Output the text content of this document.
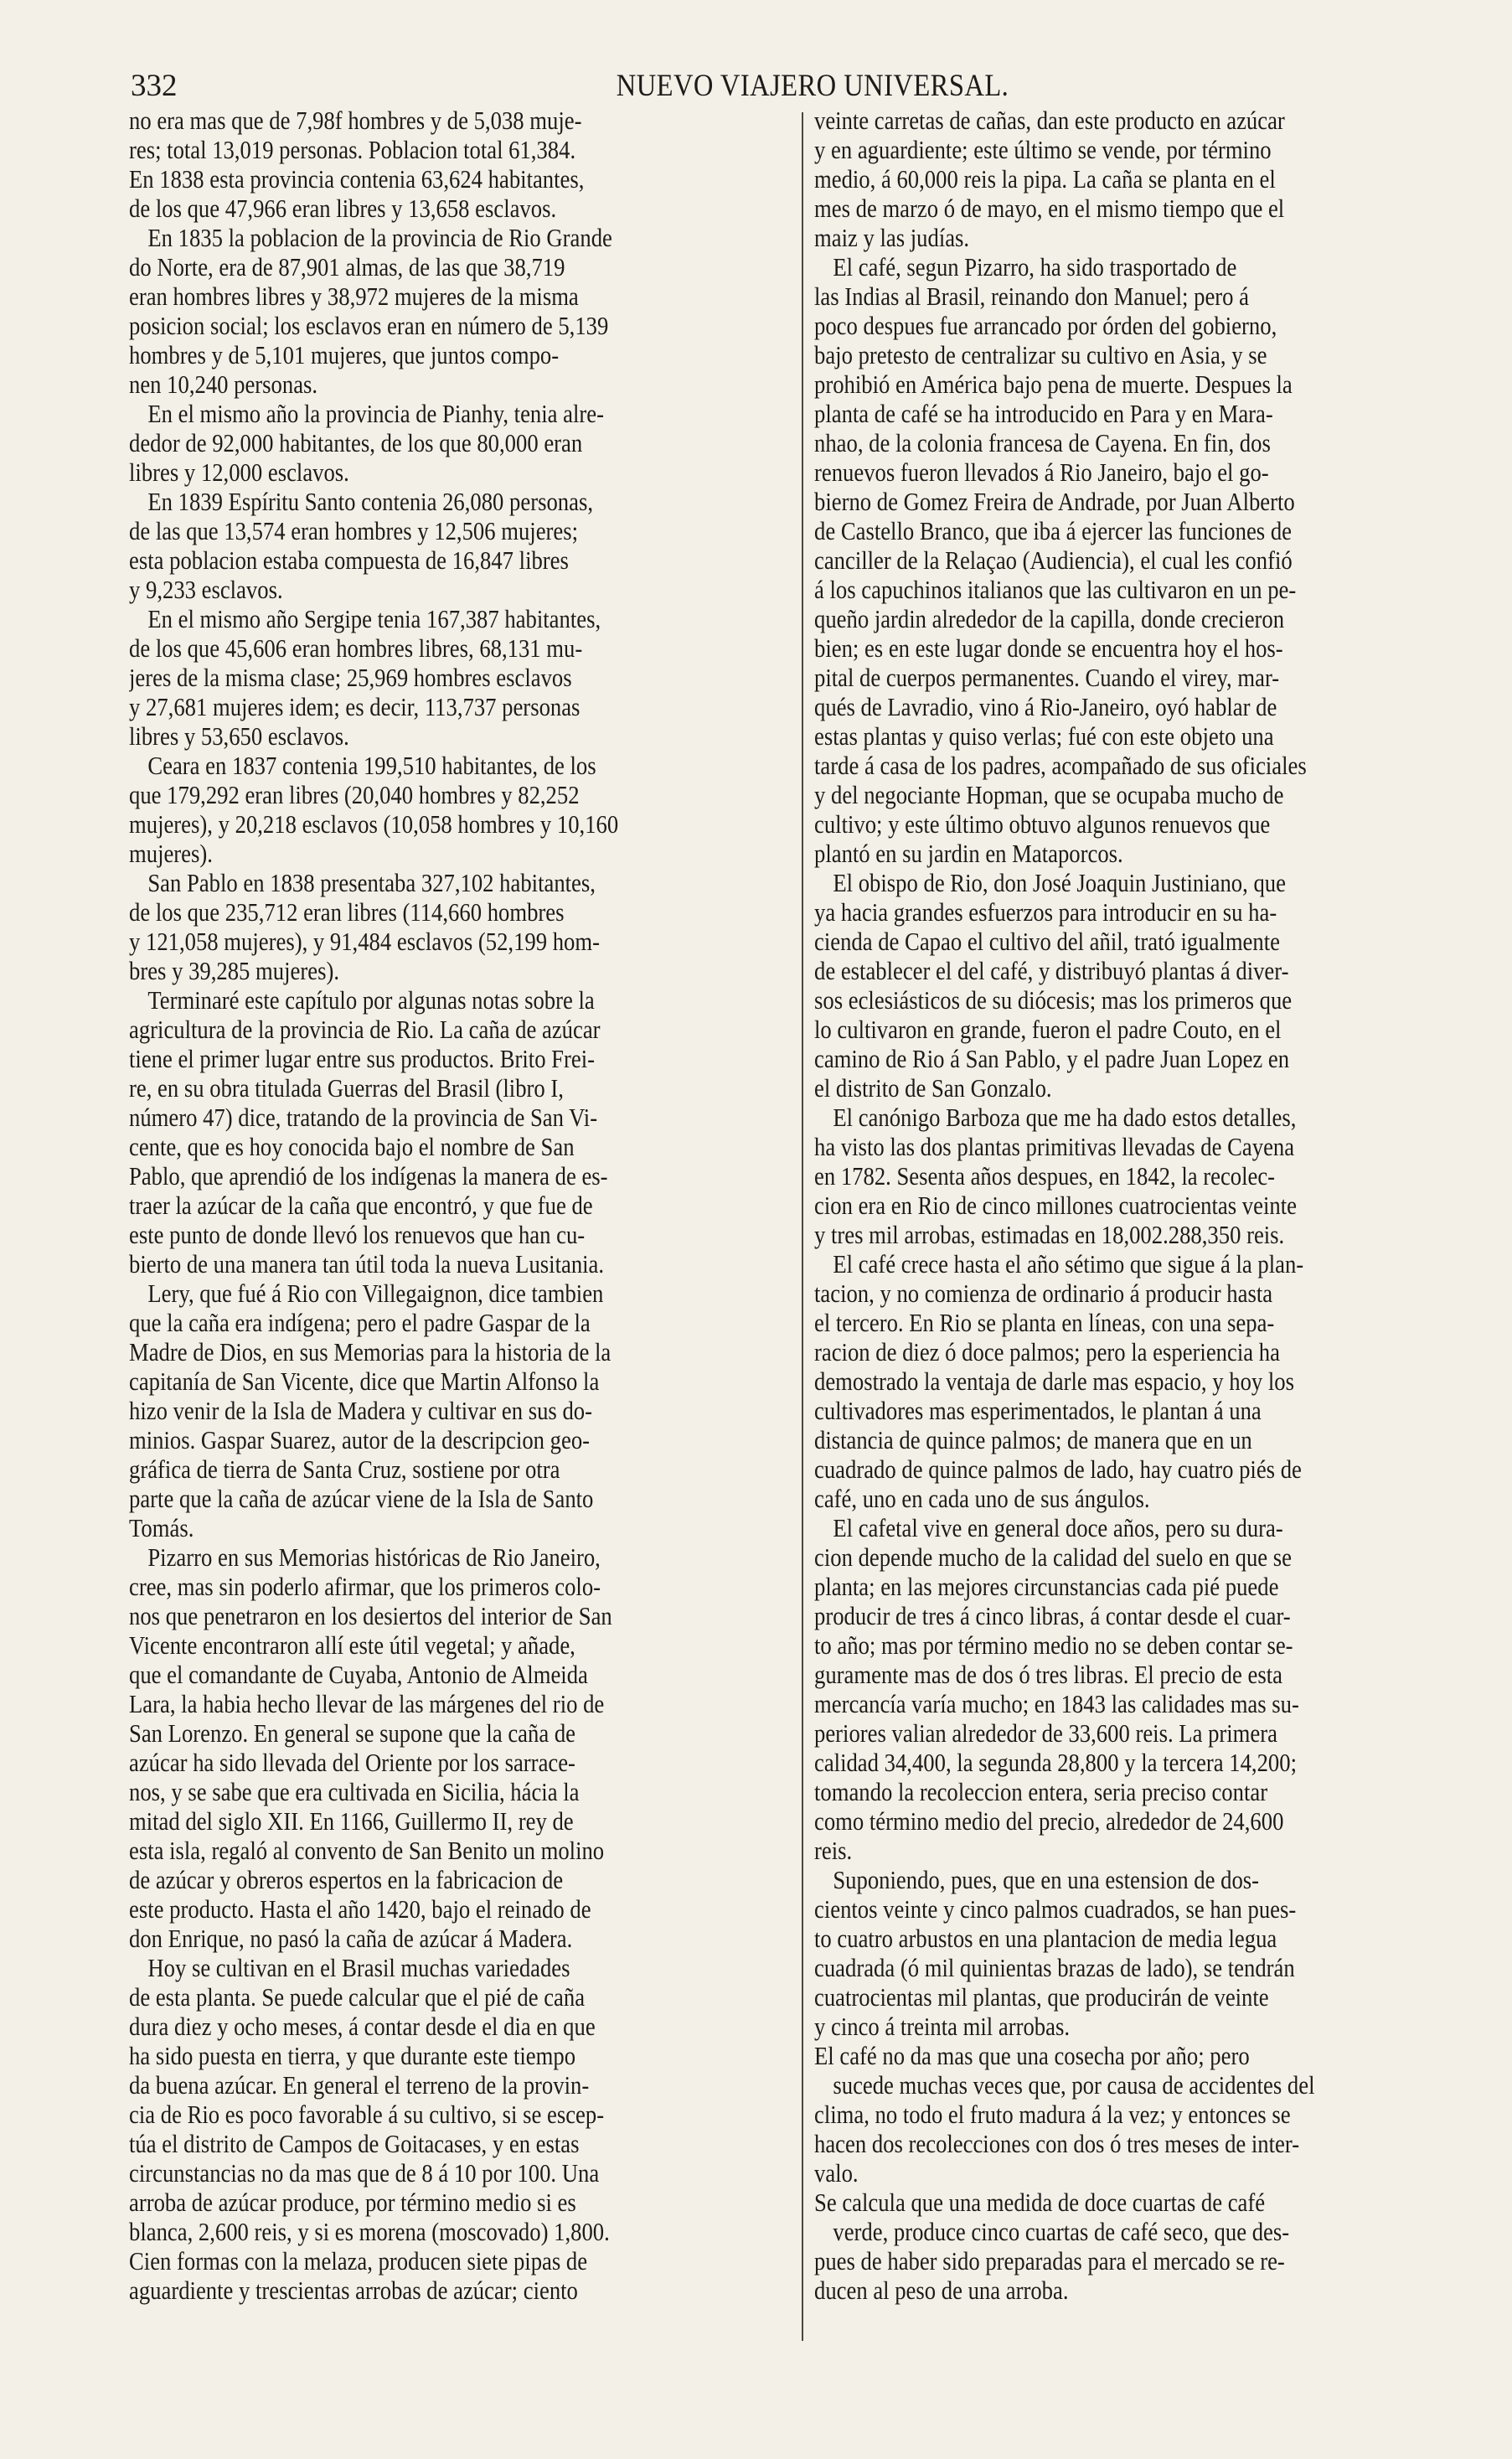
332	NUEVO VIAJERO UNIVERSAL.
no era mas que de 7,98f hombres y de 5,038 muje-
res; total 13,019 personas. Poblacion total 61,384.
En 1838 esta provincia contenia 63,624 habitantes,
de los que 47,966 eran libres y 13,658 esclavos.
En 1835 la poblacion de la provincia de Rio Grande
do Norte, era de 87,901 almas, de las que 38,719
eran hombres libres y 38,972 mujeres de la misma
posicion social; los esclavos eran en número de 5,139
hombres y de 5,101 mujeres, que juntos compo-
nen 10,240 personas.
En el mismo año la provincia de Pianhy, tenia alre-
dedor de 92,000 habitantes, de los que 80,000 eran
libres y 12,000 esclavos.
En 1839 Espíritu Santo contenia 26,080 personas,
de las que 13,574 eran hombres y 12,506 mujeres;
esta poblacion estaba compuesta de 16,847 libres
y 9,233 esclavos.
En el mismo año Sergipe tenia 167,387 habitantes,
de los que 45,606 eran hombres libres, 68,131 mu-
jeres de la misma clase; 25,969 hombres esclavos
y 27,681 mujeres idem; es decir, 113,737 personas
libres y 53,650 esclavos.
Ceara en 1837 contenia 199,510 habitantes, de los
que 179,292 eran libres (20,040 hombres y 82,252
mujeres), y 20,218 esclavos (10,058 hombres y 10,160
mujeres).
San Pablo en 1838 presentaba 327,102 habitantes,
de los que 235,712 eran libres (114,660 hombres
y 121,058 mujeres), y 91,484 esclavos (52,199 hom-
bres y 39,285 mujeres).
Terminaré este capítulo por algunas notas sobre la
agricultura de la provincia de Rio. La caña de azúcar
tiene el primer lugar entre sus productos. Brito Frei-
re, en su obra titulada Guerras del Brasil (libro I,
número 47) dice, tratando de la provincia de San Vi-
cente, que es hoy conocida bajo el nombre de San
Pablo, que aprendió de los indígenas la manera de es-
traer la azúcar de la caña que encontró, y que fue de
este punto de donde llevó los renuevos que han cu-
bierto de una manera tan útil toda la nueva Lusitania.
Lery, que fué á Rio con Villegaignon, dice tambien
que la caña era indígena; pero el padre Gaspar de la
Madre de Dios, en sus Memorias para la historia de la
capitanía de San Vicente, dice que Martin Alfonso la
hizo venir de la Isla de Madera y cultivar en sus do-
minios. Gaspar Suarez, autor de la descripcion geo-
gráfica de tierra de Santa Cruz, sostiene por otra
parte que la caña de azúcar viene de la Isla de Santo
Tomás.
Pizarro en sus Memorias históricas de Rio Janeiro,
cree, mas sin poderlo afirmar, que los primeros colo-
nos que penetraron en los desiertos del interior de San
Vicente encontraron allí este útil vegetal; y añade,
que el comandante de Cuyaba, Antonio de Almeida
Lara, la habia hecho llevar de las márgenes del rio de
San Lorenzo. En general se supone que la caña de
azúcar ha sido llevada del Oriente por los sarrace-
nos, y se sabe que era cultivada en Sicilia, hácia la
mitad del siglo XII. En 1166, Guillermo II, rey de
esta isla, regaló al convento de San Benito un molino
de azúcar y obreros espertos en la fabricacion de
este producto. Hasta el año 1420, bajo el reinado de
don Enrique, no pasó la caña de azúcar á Madera.
Hoy se cultivan en el Brasil muchas variedades
de esta planta. Se puede calcular que el pié de caña
dura diez y ocho meses, á contar desde el dia en que
ha sido puesta en tierra, y que durante este tiempo
da buena azúcar. En general el terreno de la provin-
cia de Rio es poco favorable á su cultivo, si se escep-
túa el distrito de Campos de Goitacases, y en estas
circunstancias no da mas que de 8 á 10 por 100. Una
arroba de azúcar produce, por término medio si es
blanca, 2,600 reis, y si es morena (moscovado) 1,800.
Cien formas con la melaza, producen siete pipas de
aguardiente y trescientas arrobas de azúcar; ciento
veinte carretas de cañas, dan este producto en azúcar
y en aguardiente; este último se vende, por término
medio, á 60,000 reis la pipa. La caña se planta en el
mes de marzo ó de mayo, en el mismo tiempo que el
maiz y las judías.
El café, segun Pizarro, ha sido trasportado de
las Indias al Brasil, reinando don Manuel; pero á
poco despues fue arrancado por órden del gobierno,
bajo pretesto de centralizar su cultivo en Asia, y se
prohibió en América bajo pena de muerte. Despues la
planta de café se ha introducido en Para y en Mara-
nhao, de la colonia francesa de Cayena. En fin, dos
renuevos fueron llevados á Rio Janeiro, bajo el go-
bierno de Gomez Freira de Andrade, por Juan Alberto
de Castello Branco, que iba á ejercer las funciones de
canciller de la Relaçao (Audiencia), el cual les confió
á los capuchinos italianos que las cultivaron en un pe-
queño jardin alrededor de la capilla, donde crecieron
bien; es en este lugar donde se encuentra hoy el hos-
pital de cuerpos permanentes. Cuando el virey, mar-
qués de Lavradio, vino á Rio-Janeiro, oyó hablar de
estas plantas y quiso verlas; fué con este objeto una
tarde á casa de los padres, acompañado de sus oficiales
y del negociante Hopman, que se ocupaba mucho de
cultivo; y este último obtuvo algunos renuevos que
plantó en su jardin en Mataporcos.
El obispo de Rio, don José Joaquin Justiniano, que
ya hacia grandes esfuerzos para introducir en su ha-
cienda de Capao el cultivo del añil, trató igualmente
de establecer el del café, y distribuyó plantas á diver-
sos eclesiásticos de su diócesis; mas los primeros que
lo cultivaron en grande, fueron el padre Couto, en el
camino de Rio á San Pablo, y el padre Juan Lopez en
el distrito de San Gonzalo.
El canónigo Barboza que me ha dado estos detalles,
ha visto las dos plantas primitivas llevadas de Cayena
en 1782. Sesenta años despues, en 1842, la recolec-
cion era en Rio de cinco millones cuatrocientas veinte
y tres mil arrobas, estimadas en 18,002.288,350 reis.
El café crece hasta el año sétimo que sigue á la plan-
tacion, y no comienza de ordinario á producir hasta
el tercero. En Rio se planta en líneas, con una sepa-
racion de diez ó doce palmos; pero la esperiencia ha
demostrado la ventaja de darle mas espacio, y hoy los
cultivadores mas esperimentados, le plantan á una
distancia de quince palmos; de manera que en un
cuadrado de quince palmos de lado, hay cuatro piés de
café, uno en cada uno de sus ángulos.
El cafetal vive en general doce años, pero su dura-
cion depende mucho de la calidad del suelo en que se
planta; en las mejores circunstancias cada pié puede
producir de tres á cinco libras, á contar desde el cuar-
to año; mas por término medio no se deben contar se-
guramente mas de dos ó tres libras. El precio de esta
mercancía varía mucho; en 1843 las calidades mas su-
periores valian alrededor de 33,600 reis. La primera
calidad 34,400, la segunda 28,800 y la tercera 14,200;
tomando la recoleccion entera, seria preciso contar
como término medio del precio, alrededor de 24,600
reis.
Suponiendo, pues, que en una estension de dos-
cientos veinte y cinco palmos cuadrados, se han pues-
to cuatro arbustos en una plantacion de media legua
cuadrada (ó mil quinientas brazas de lado), se tendrán
cuatrocientas mil plantas, que producirán de veinte
y cinco á treinta mil arrobas.
El café no da mas que una cosecha por año; pero
sucede muchas veces que, por causa de accidentes del
clima, no todo el fruto madura á la vez; y entonces se
hacen dos recolecciones con dos ó tres meses de inter-
valo.
Se calcula que una medida de doce cuartas de café
verde, produce cinco cuartas de café seco, que des-
pues de haber sido preparadas para el mercado se re-
ducen al peso de una arroba.
